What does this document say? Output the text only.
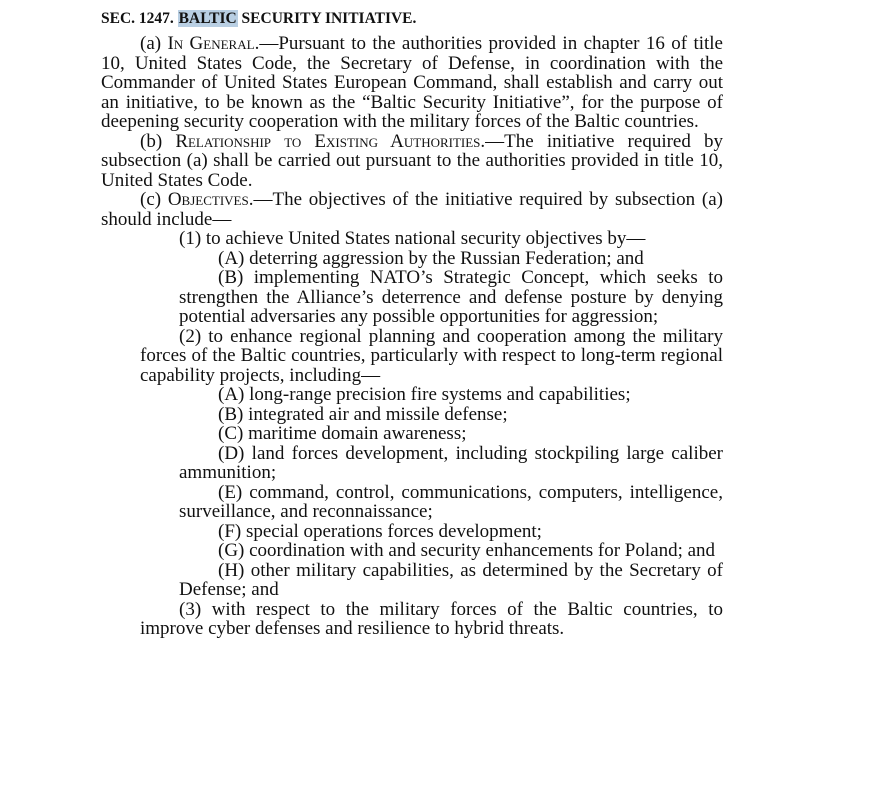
SEC. 1247. BALTIC SECURITY INITIATIVE.

(a) In General.—Pursuant to the authorities provided in chapter 16 of title 10, United States Code, the Secretary of Defense, in coordination with the Commander of United States European Command, shall establish and carry out an initiative, to be known as the “Baltic Security Initiative”, for the purpose of deepening security cooperation with the military forces of the Baltic countries.

(b) Relationship to Existing Authorities.—The initiative required by subsection (a) shall be carried out pursuant to the authorities provided in title 10, United States Code.

(c) Objectives.—The objectives of the initiative required by subsection (a) should include—

(1) to achieve United States national security objectives by—

(A) deterring aggression by the Russian Federation; and

(B) implementing NATO’s Strategic Concept, which seeks to strengthen the Alliance’s deterrence and defense posture by denying potential adversaries any possible opportunities for aggression;

(2) to enhance regional planning and cooperation among the military forces of the Baltic countries, particularly with respect to long-term regional capability projects, including—

(A) long-range precision fire systems and capabilities;

(B) integrated air and missile defense;

(C) maritime domain awareness;

(D) land forces development, including stockpiling large caliber ammunition;

(E) command, control, communications, computers, intelligence, surveillance, and reconnaissance;

(F) special operations forces development;

(G) coordination with and security enhancements for Poland; and

(H) other military capabilities, as determined by the Secretary of Defense; and

(3) with respect to the military forces of the Baltic countries, to improve cyber defenses and resilience to hybrid threats.
